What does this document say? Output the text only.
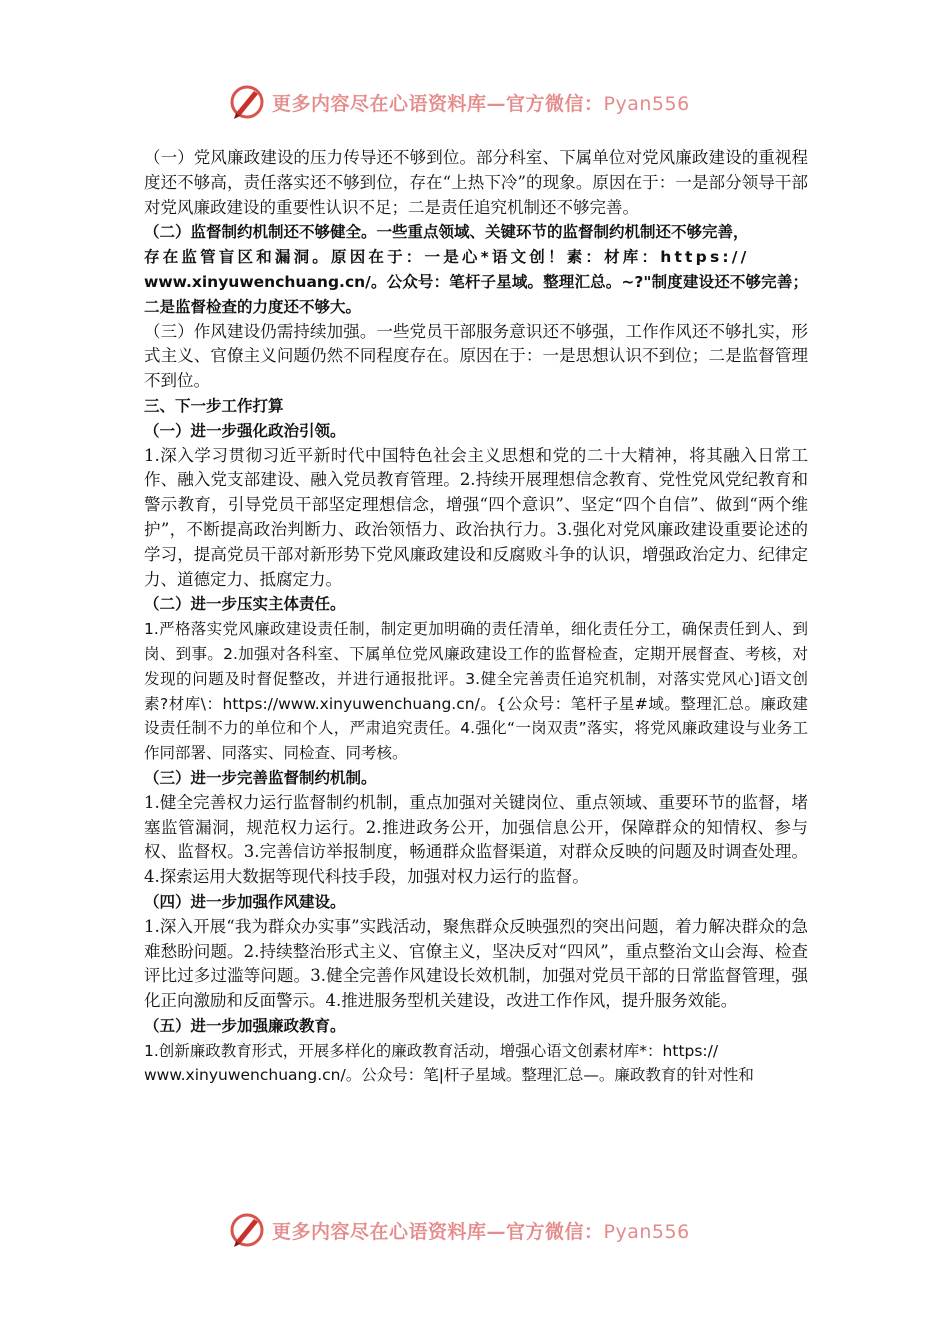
更多内容尽在心语资料库—官方微信：Pyan556

（一）党风廉政建设的压力传导还不够到位。部分科室、下属单位对党风廉政建设的重视程度还不够高，责任落实还不够到位，存在“上热下冷”的现象。原因在于：一是部分领导干部对党风廉政建设的重要性认识不足；二是责任追究机制还不够完善。

（二）监督制约机制还不够健全。一些重点领域、关键环节的监督制约机制还不够完善，

存在监管盲区和漏洞。原因在于：一是心*语文创！素：材库：https://

www.xinyuwenchuang.cn/。公众号：笔杆子星域。整理汇总。~?"制度建设还不够完善；二是监督检查的力度还不够大。

（三）作风建设仍需持续加强。一些党员干部服务意识还不够强，工作作风还不够扎实，形式主义、官僚主义问题仍然不同程度存在。原因在于：一是思想认识不到位；二是监督管理不到位。

三、下一步工作打算

（一）进一步强化政治引领。

1.深入学习贯彻习近平新时代中国特色社会主义思想和党的二十大精神，将其融入日常工作、融入党支部建设、融入党员教育管理。2.持续开展理想信念教育、党性党风党纪教育和警示教育，引导党员干部坚定理想信念，增强“四个意识”、坚定“四个自信”、做到“两个维护”，不断提高政治判断力、政治领悟力、政治执行力。3.强化对党风廉政建设重要论述的学习，提高党员干部对新形势下党风廉政建设和反腐败斗争的认识，增强政治定力、纪律定力、道德定力、抵腐定力。

（二）进一步压实主体责任。

1.严格落实党风廉政建设责任制，制定更加明确的责任清单，细化责任分工，确保责任到人、到岗、到事。2.加强对各科室、下属单位党风廉政建设工作的监督检查，定期开展督查、考核，对发现的问题及时督促整改，并进行通报批评。3.健全完善责任追究机制，对落实党风心]语文创素?材库\：https://www.xinyuwenchuang.cn/。{公众号：笔杆子星#域。整理汇总。廉政建设责任制不力的单位和个人，严肃追究责任。4.强化“一岗双责”落实，将党风廉政建设与业务工作同部署、同落实、同检查、同考核。

（三）进一步完善监督制约机制。

1.健全完善权力运行监督制约机制，重点加强对关键岗位、重点领域、重要环节的监督，堵塞监管漏洞，规范权力运行。2.推进政务公开，加强信息公开，保障群众的知情权、参与权、监督权。3.完善信访举报制度，畅通群众监督渠道，对群众反映的问题及时调查处理。4.探索运用大数据等现代科技手段，加强对权力运行的监督。

（四）进一步加强作风建设。

1.深入开展“我为群众办实事”实践活动，聚焦群众反映强烈的突出问题，着力解决群众的急难愁盼问题。2.持续整治形式主义、官僚主义，坚决反对“四风”，重点整治文山会海、检查评比过多过滥等问题。3.健全完善作风建设长效机制，加强对党员干部的日常监督管理，强化正向激励和反面警示。4.推进服务型机关建设，改进工作作风，提升服务效能。

（五）进一步加强廉政教育。

1.创新廉政教育形式，开展多样化的廉政教育活动，增强心语文创素材库*：https://

www.xinyuwenchuang.cn/。公众号：笔|杆子星域。整理汇总—。廉政教育的针对性和

更多内容尽在心语资料库—官方微信：Pyan556
